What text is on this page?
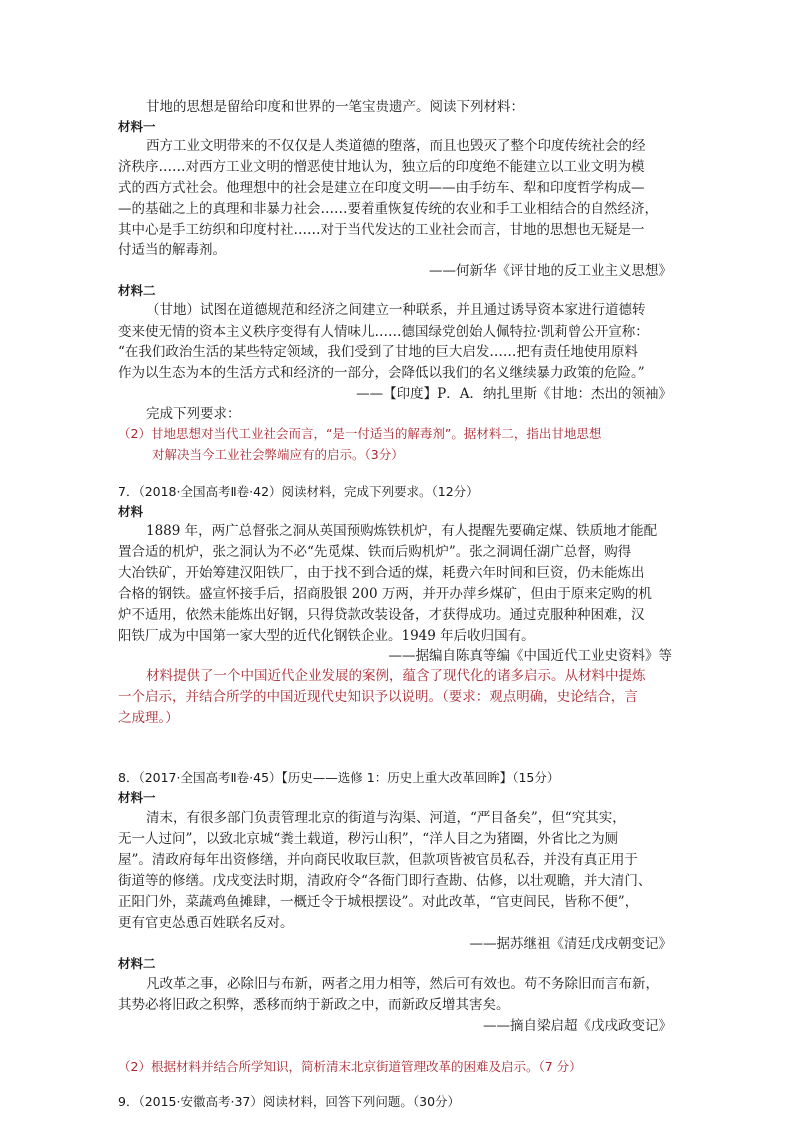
甘地的思想是留给印度和世界的一笔宝贵遗产。阅读下列材料：
材料一
西方工业文明带来的不仅仅是人类道德的堕落，而且也毁灭了整个印度传统社会的经
济秩序……对西方工业文明的憎恶使甘地认为，独立后的印度绝不能建立以工业文明为模
式的西方式社会。他理想中的社会是建立在印度文明——由手纺车、犁和印度哲学构成—
—的基础之上的真理和非暴力社会……要着重恢复传统的农业和手工业相结合的自然经济，
其中心是手工纺织和印度村社……对于当代发达的工业社会而言，甘地的思想也无疑是一
付适当的解毒剂。
——何新华《评甘地的反工业主义思想》
材料二
（甘地）试图在道德规范和经济之间建立一种联系，并且通过诱导资本家进行道德转
变来使无情的资本主义秩序变得有人情味儿……德国绿党创始人佩特拉·凯莉曾公开宣称：
“在我们政治生活的某些特定领域，我们受到了甘地的巨大启发……把有责任地使用原料
作为以生态为本的生活方式和经济的一部分，会降低以我们的名义继续暴力政策的危险。”
——【印度】P．A．纳扎里斯《甘地：杰出的领袖》
完成下列要求：
（2）甘地思想对当代工业社会而言，“是一付适当的解毒剂”。据材料二，指出甘地思想
对解决当今工业社会弊端应有的启示。（3分）
7．（2018·全国高考Ⅱ卷·42）阅读材料，完成下列要求。（12分）
材料
1889 年，两广总督张之洞从英国预购炼铁机炉，有人提醒先要确定煤、铁质地才能配
置合适的机炉，张之洞认为不必“先觅煤、铁而后购机炉”。张之洞调任湖广总督，购得
大冶铁矿，开始筹建汉阳铁厂，由于找不到合适的煤，耗费六年时间和巨资，仍未能炼出
合格的钢铁。盛宣怀接手后，招商股银 200 万两，并开办萍乡煤矿，但由于原来定购的机
炉不适用，依然未能炼出好钢，只得贷款改装设备，才获得成功。通过克服种种困难，汉
阳铁厂成为中国第一家大型的近代化钢铁企业。1949 年后收归国有。
——据编自陈真等编《中国近代工业史资料》等
材料提供了一个中国近代企业发展的案例，蕴含了现代化的诸多启示。从材料中提炼
一个启示，并结合所学的中国近现代史知识予以说明。（要求：观点明确，史论结合，言
之成理。）
8．（2017·全国高考Ⅱ卷·45）【历史——选修 1：历史上重大改革回眸】（15分）
材料一
清末，有很多部门负责管理北京的街道与沟渠、河道，“严目备矣”，但“究其实，
无一人过问”，以致北京城“粪土载道，秽污山积”，“洋人目之为猪圈，外省比之为厕
屋”。清政府每年出资修缮，并向商民收取巨款，但款项皆被官员私吞，并没有真正用于
街道等的修缮。戊戌变法时期，清政府令“各衙门即行查勘、估修，以壮观瞻，并大清门、
正阳门外，菜蔬鸡鱼摊肆，一概迁令于城根摆设”。对此改革，“官吏闾民，皆称不便”，
更有官吏怂恿百姓联名反对。
——据苏继祖《清廷戊戌朝变记》
材料二
凡改革之事，必除旧与布新，两者之用力相等，然后可有效也。苟不务除旧而言布新，
其势必将旧政之积弊，悉移而纳于新政之中，而新政反增其害矣。
——摘自梁启超《戊戌政变记》
（2）根据材料并结合所学知识，简析清末北京街道管理改革的困难及启示。（7 分）
9．（2015·安徽高考·37）阅读材料，回答下列问题。（30分）
